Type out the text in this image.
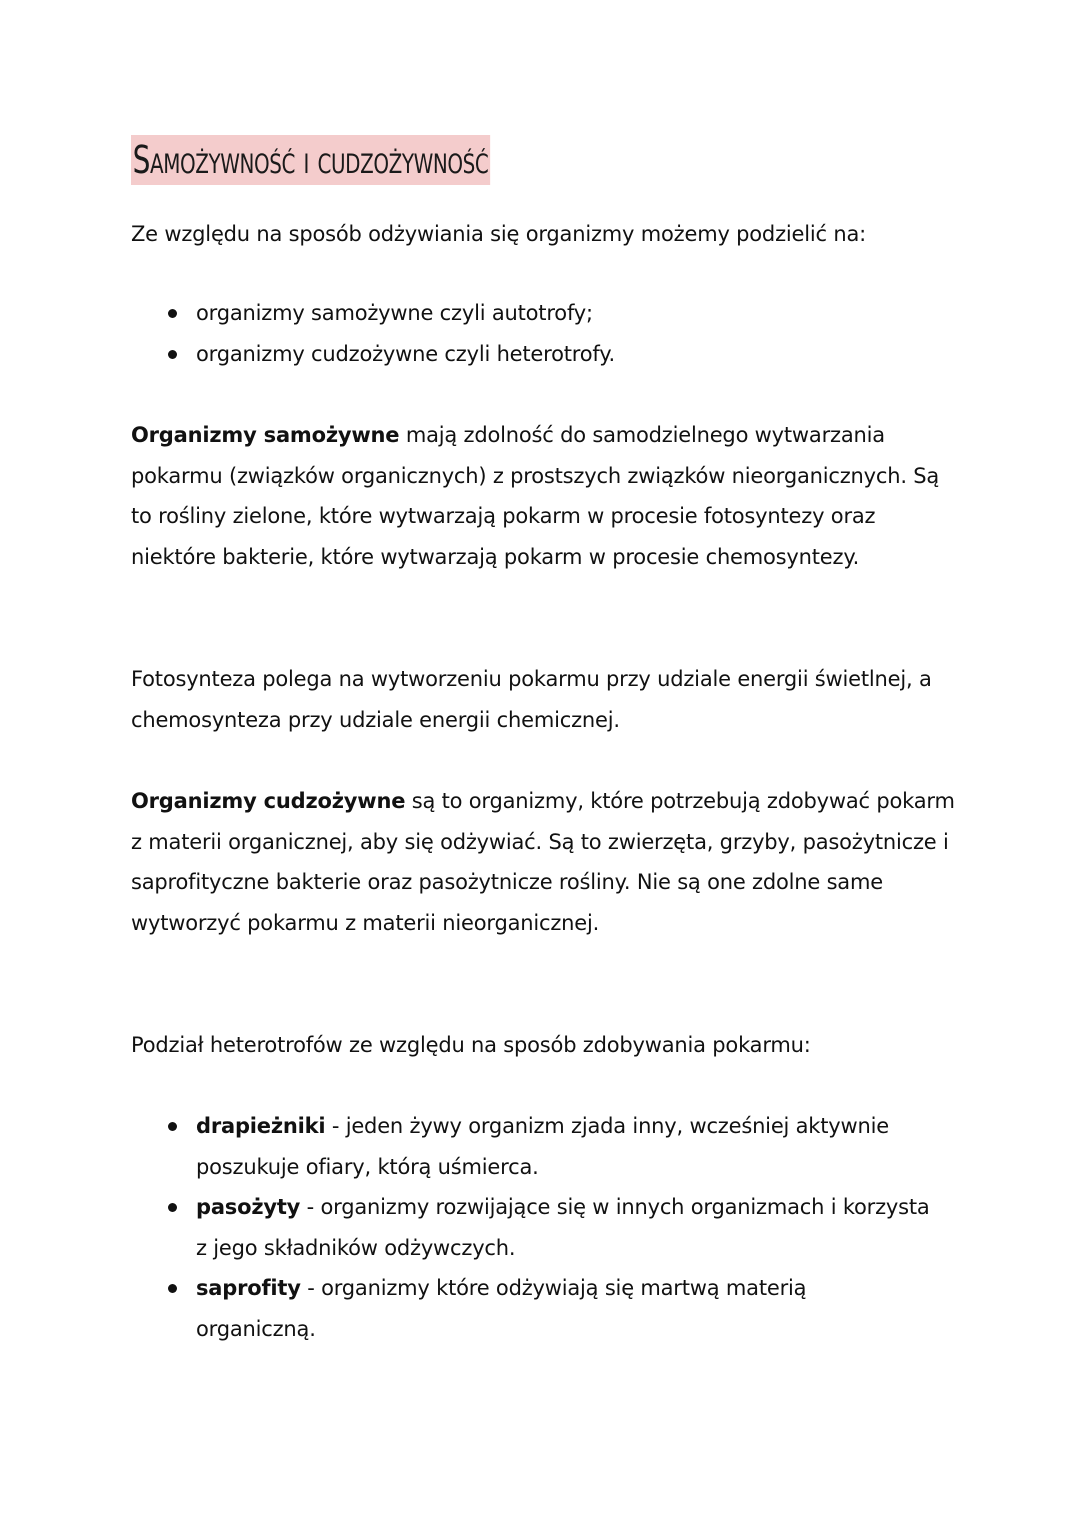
Samożywność i cudzożywność

Ze względu na sposób odżywiania się organizmy możemy podzielić na:

organizmy samożywne czyli autotrofy;
organizmy cudzożywne czyli heterotrofy.

Organizmy samożywne mają zdolność do samodzielnego wytwarzania pokarmu (związków organicznych) z prostszych związków nieorganicznych. Są to rośliny zielone, które wytwarzają pokarm w procesie fotosyntezy oraz niektóre bakterie, które wytwarzają pokarm w procesie chemosyntezy.

Fotosynteza polega na wytworzeniu pokarmu przy udziale energii świetlnej, a chemosynteza przy udziale energii chemicznej.

Organizmy cudzożywne są to organizmy, które potrzebują zdobywać pokarm z materii organicznej, aby się odżywiać. Są to zwierzęta, grzyby, pasożytnicze i saprofityczne bakterie oraz pasożytnicze rośliny. Nie są one zdolne same wytworzyć pokarmu z materii nieorganicznej.

Podział heterotrofów ze względu na sposób zdobywania pokarmu:

drapieżniki - jeden żywy organizm zjada inny, wcześniej aktywnie poszukuje ofiary, którą uśmierca.
pasożyty - organizmy rozwijające się w innych organizmach i korzysta z jego składników odżywczych.
saprofity - organizmy które odżywiają się martwą materią organiczną.
